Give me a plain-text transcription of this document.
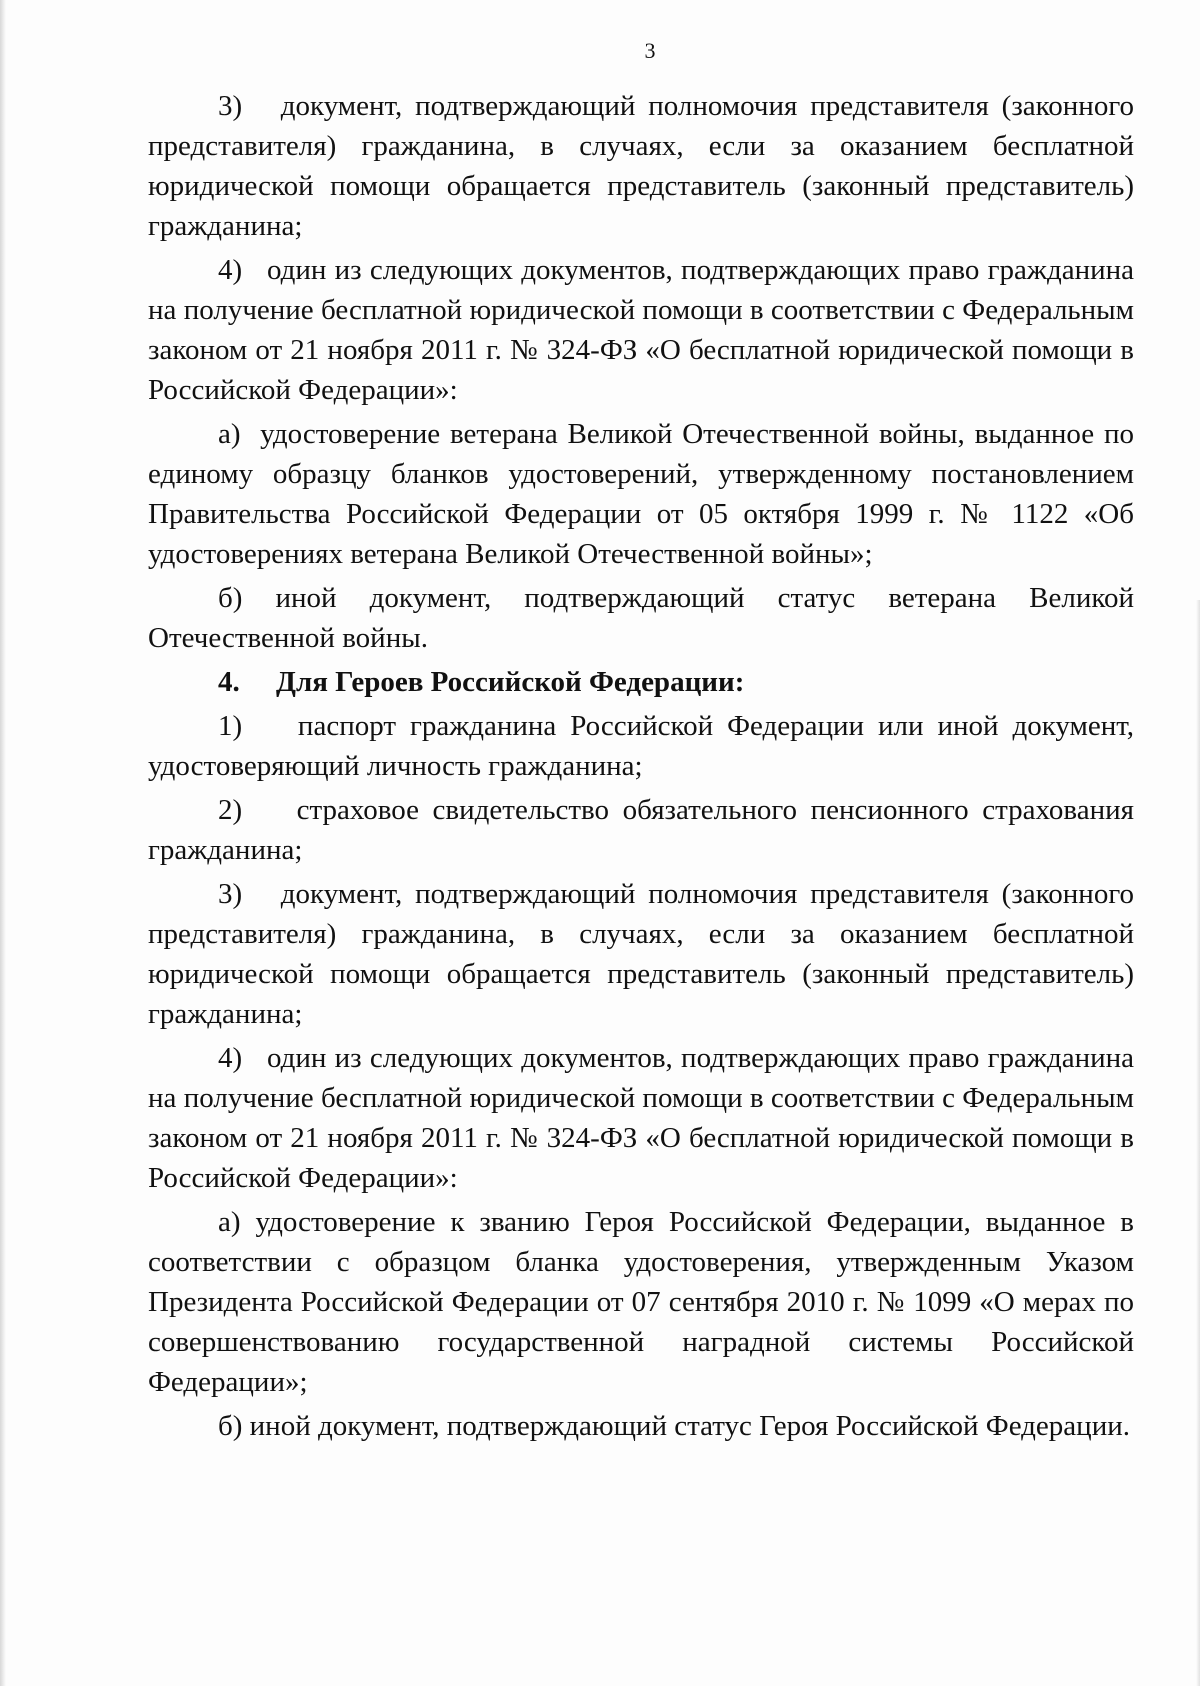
3

3)   документ, подтверждающий полномочия представителя (законного представителя) гражданина, в случаях, если за оказанием бесплатной юридической помощи обращается представитель (законный представитель) гражданина;

4)   один из следующих документов, подтверждающих право гражданина на получение бесплатной юридической помощи в соответствии с Федеральным законом от 21 ноября 2011 г. № 324-ФЗ «О бесплатной юридической помощи в Российской Федерации»:

а)  удостоверение ветерана Великой Отечественной войны, выданное по единому образцу бланков удостоверений, утвержденному постановлением Правительства Российской Федерации от 05 октября 1999 г. № 1122 «Об удостоверениях ветерана Великой Отечественной войны»;

б) иной документ, подтверждающий статус ветерана Великой Отечественной войны.

4.     Для Героев Российской Федерации:

1)    паспорт гражданина Российской Федерации или иной документ, удостоверяющий личность гражданина;

2)    страховое свидетельство обязательного пенсионного страхования гражданина;

3)   документ, подтверждающий полномочия представителя (законного представителя) гражданина, в случаях, если за оказанием бесплатной юридической помощи обращается представитель (законный представитель) гражданина;

4)   один из следующих документов, подтверждающих право гражданина на получение бесплатной юридической помощи в соответствии с Федеральным законом от 21 ноября 2011 г. № 324-ФЗ «О бесплатной юридической помощи в Российской Федерации»:

а) удостоверение к званию Героя Российской Федерации, выданное в соответствии с образцом бланка удостоверения, утвержденным Указом Президента Российской Федерации от 07 сентября 2010 г. № 1099 «О мерах по совершенствованию государственной наградной системы Российской Федерации»;

б) иной документ, подтверждающий статус Героя Российской Федерации.
